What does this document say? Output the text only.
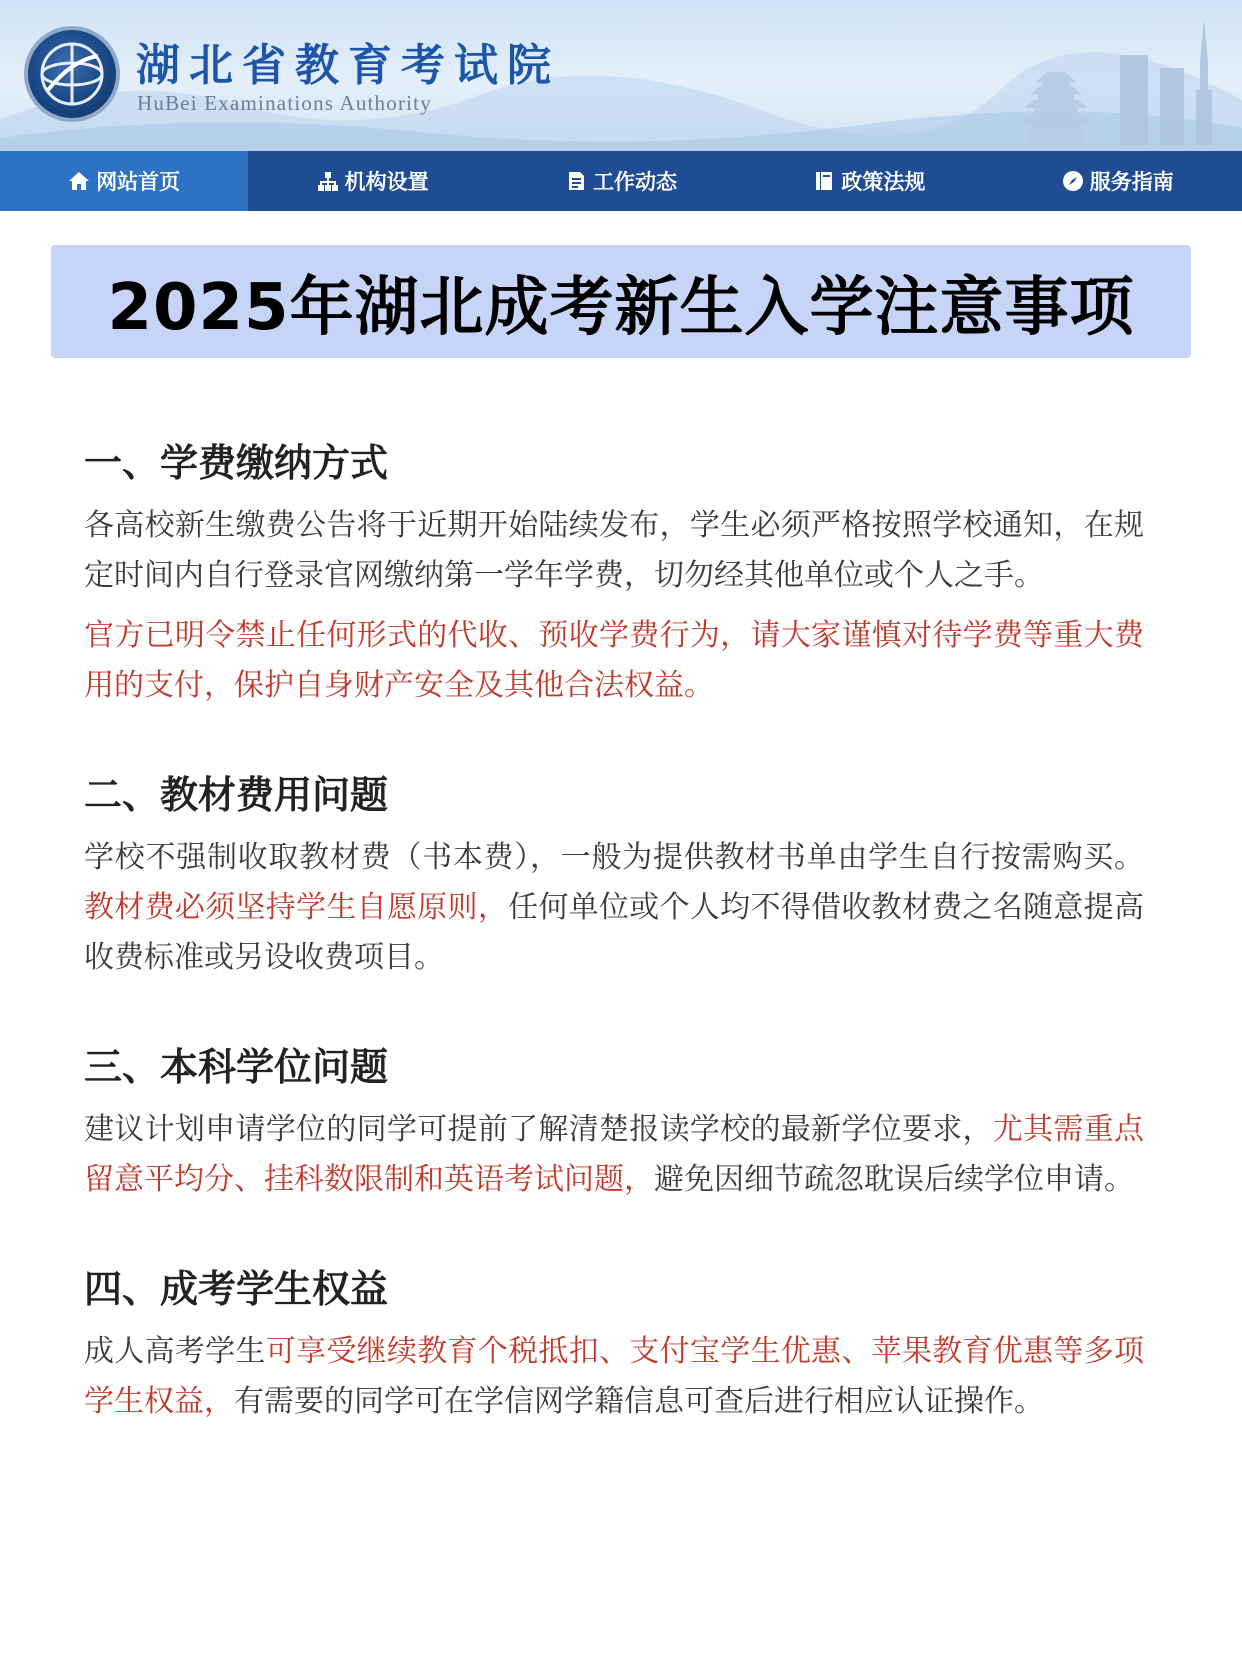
湖北省教育考试院
HuBei Examinations Authority
网站首页	机构设置	工作动态	政策法规	服务指南
2025年湖北成考新生入学注意事项
一、学费缴纳方式

各高校新生缴费公告将于近期开始陆续发布，学生必须严格按照学校通知，在规定时间内自行登录官网缴纳第一学年学费，切勿经其他单位或个人之手。

官方已明令禁止任何形式的代收、预收学费行为，请大家谨慎对待学费等重大费用的支付，保护自身财产安全及其他合法权益。

二、教材费用问题

学校不强制收取教材费（书本费），一般为提供教材书单由学生自行按需购买。教材费必须坚持学生自愿原则，任何单位或个人均不得借收教材费之名随意提高收费标准或另设收费项目。

三、本科学位问题

建议计划申请学位的同学可提前了解清楚报读学校的最新学位要求，尤其需重点留意平均分、挂科数限制和英语考试问题，避免因细节疏忽耽误后续学位申请。

四、成考学生权益

成人高考学生可享受继续教育个税抵扣、支付宝学生优惠、苹果教育优惠等多项学生权益，有需要的同学可在学信网学籍信息可查后进行相应认证操作。
